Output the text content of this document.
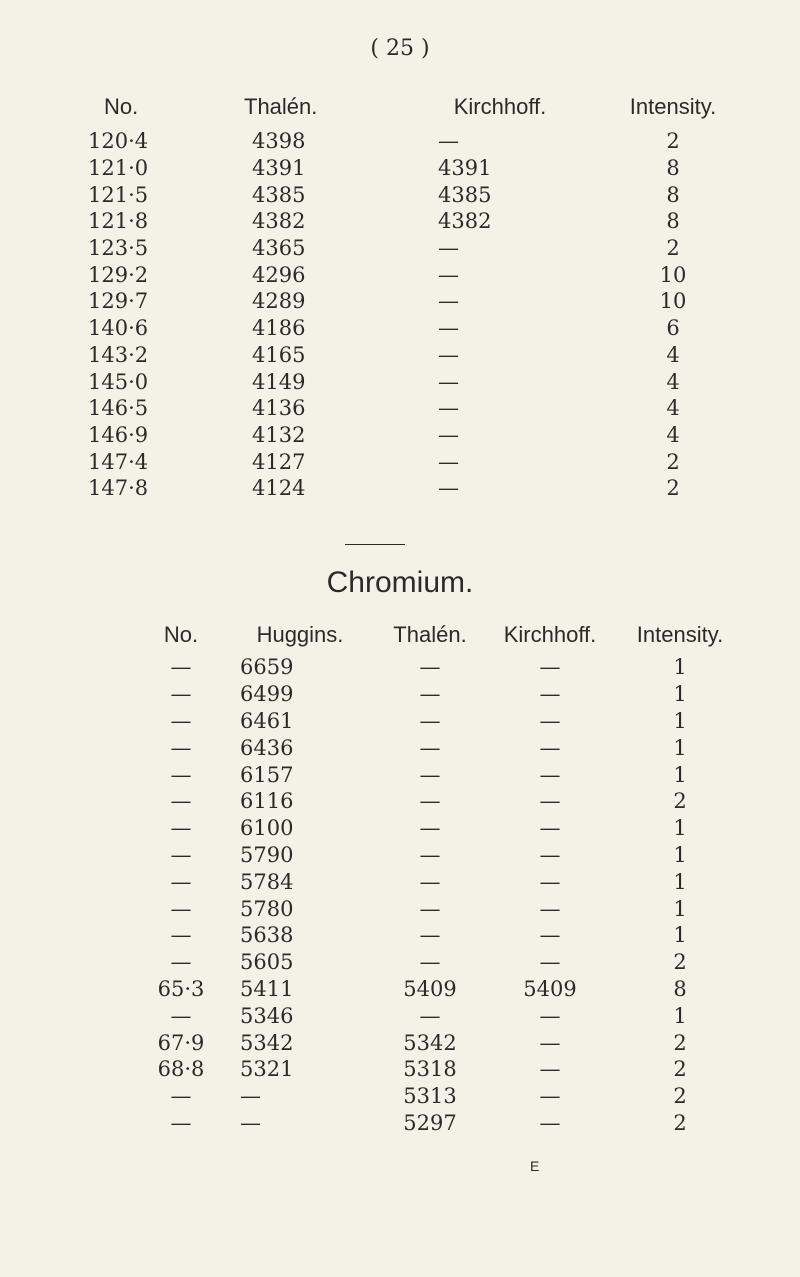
( 25 )
No.	Thalén.	Kirchhoff.	Intensity.
120·4	4398	—	2
121·0	4391	4391	8
121·5	4385	4385	8
121·8	4382	4382	8
123·5	4365	—	2
129·2	4296	—	10
129·7	4289	—	10
140·6	4186	—	6
143·2	4165	—	4
145·0	4149	—	4
146·5	4136	—	4
146·9	4132	—	4
147·4	4127	—	2
147·8	4124	—	2
Chromium.
No.	Huggins.	Thalén.	Kirchhoff.	Intensity.
—	6659	—	—	1
—	6499	—	—	1
—	6461	—	—	1
—	6436	—	—	1
—	6157	—	—	1
—	6116	—	—	2
—	6100	—	—	1
—	5790	—	—	1
—	5784	—	—	1
—	5780	—	—	1
—	5638	—	—	1
—	5605	—	—	2
65·3	5411	5409	5409	8
—	5346	—	—	1
67·9	5342	5342	—	2
68·8	5321	5318	—	2
—	—	5313	—	2
—	—	5297	—	2
E
